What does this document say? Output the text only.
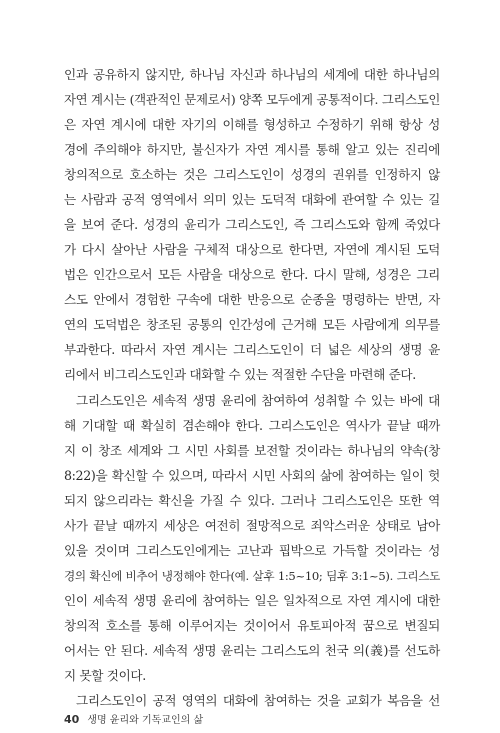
인과 공유하지 않지만, 하나님 자신과 하나님의 세계에 대한 하나님의
자연 계시는 (객관적인 문제로서) 양쪽 모두에게 공통적이다. 그리스도인
은 자연 계시에 대한 자기의 이해를 형성하고 수정하기 위해 항상 성
경에 주의해야 하지만, 불신자가 자연 계시를 통해 알고 있는 진리에
창의적으로 호소하는 것은 그리스도인이 성경의 권위를 인정하지 않
는 사람과 공적 영역에서 의미 있는 도덕적 대화에 관여할 수 있는 길
을 보여 준다. 성경의 윤리가 그리스도인, 즉 그리스도와 함께 죽었다
가 다시 살아난 사람을 구체적 대상으로 한다면, 자연에 계시된 도덕
법은 인간으로서 모든 사람을 대상으로 한다. 다시 말해, 성경은 그리
스도 안에서 경험한 구속에 대한 반응으로 순종을 명령하는 반면, 자
연의 도덕법은 창조된 공통의 인간성에 근거해 모든 사람에게 의무를
부과한다. 따라서 자연 계시는 그리스도인이 더 넓은 세상의 생명 윤
리에서 비그리스도인과 대화할 수 있는 적절한 수단을 마련해 준다.
그리스도인은 세속적 생명 윤리에 참여하여 성취할 수 있는 바에 대
해 기대할 때 확실히 겸손해야 한다. 그리스도인은 역사가 끝날 때까
지 이 창조 세계와 그 시민 사회를 보전할 것이라는 하나님의 약속(창
8:22)을 확신할 수 있으며, 따라서 시민 사회의 삶에 참여하는 일이 헛
되지 않으리라는 확신을 가질 수 있다. 그러나 그리스도인은 또한 역
사가 끝날 때까지 세상은 여전히 절망적으로 죄악스러운 상태로 남아
있을 것이며 그리스도인에게는 고난과 핍박으로 가득할 것이라는 성
경의 확신에 비추어 냉정해야 한다(예. 살후 1:5~10; 딤후 3:1~5). 그리스도
인이 세속적 생명 윤리에 참여하는 일은 일차적으로 자연 계시에 대한
창의적 호소를 통해 이루어지는 것이어서 유토피아적 꿈으로 변질되
어서는 안 된다. 세속적 생명 윤리는 그리스도의 천국 의(義)를 선도하
지 못할 것이다.
그리스도인이 공적 영역의 대화에 참여하는 것을 교회가 복음을 선
40 생명 윤리와 기독교인의 삶
